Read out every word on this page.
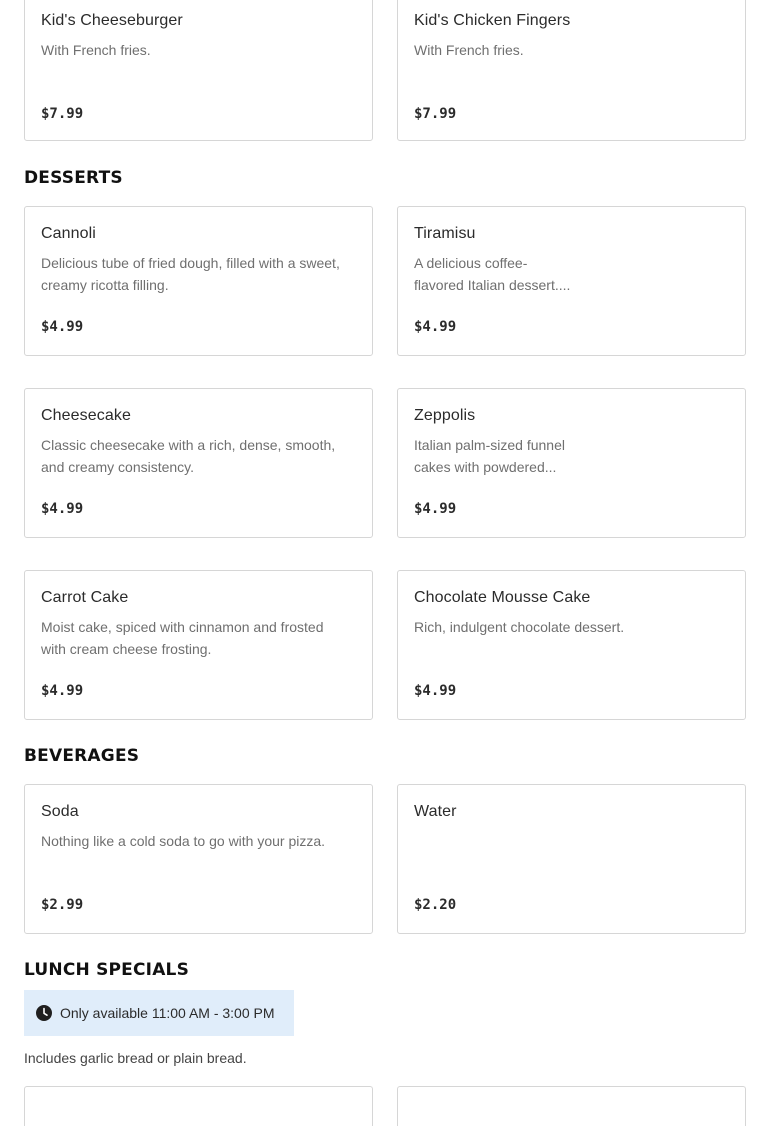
Kid's Cheeseburger
With French fries.
$7.99
Kid's Chicken Fingers
With French fries.
$7.99
DESSERTS
Cannoli
Delicious tube of fried dough, filled with a sweet,
creamy ricotta filling.
$4.99
Tiramisu
A delicious coffee-
flavored Italian dessert....
$4.99
Cheesecake
Classic cheesecake with a rich, dense, smooth,
and creamy consistency.
$4.99
Zeppolis
Italian palm-sized funnel
cakes with powdered...
$4.99
Carrot Cake
Moist cake, spiced with cinnamon and frosted
with cream cheese frosting.
$4.99
Chocolate Mousse Cake
Rich, indulgent chocolate dessert.
$4.99
BEVERAGES
Soda
Nothing like a cold soda to go with your pizza.
$2.99
Water
$2.20
LUNCH SPECIALS
Only available 11:00 AM - 3:00 PM
Includes garlic bread or plain bread.
